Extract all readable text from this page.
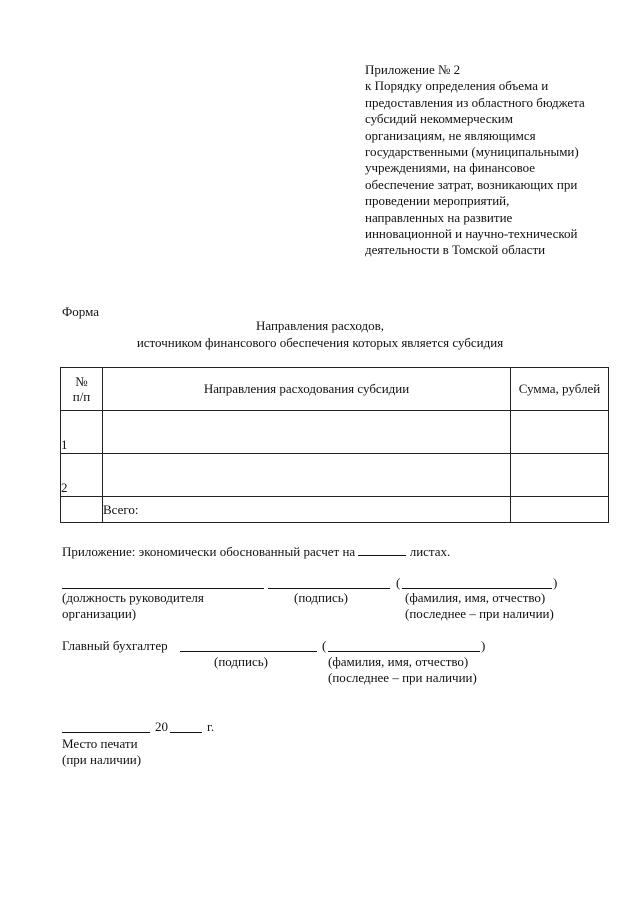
Приложение № 2
к Порядку определения объема и
предоставления из областного бюджета
субсидий некоммерческим
организациям, не являющимся
государственными (муниципальными)
учреждениями, на финансовое
обеспечение затрат, возникающих при
проведении мероприятий,
направленных на развитие
инновационной и научно-технической
деятельности в Томской области
Форма
Направления расходов,
источником финансового обеспечения которых является субсидия
№
п/п	Направления расходования субсидии	Сумма, рублей
1		
2		
	Всего:	
Приложение: экономически обоснованный расчет на	листах.
(	)
(должность руководителя
организации)
(подпись)	(фамилия, имя, отчество)
(последнее – при наличии)
Главный бухгалтер	(	)
(подпись)	(фамилия, имя, отчество)
(последнее – при наличии)
20	г.
Место печати
(при наличии)
